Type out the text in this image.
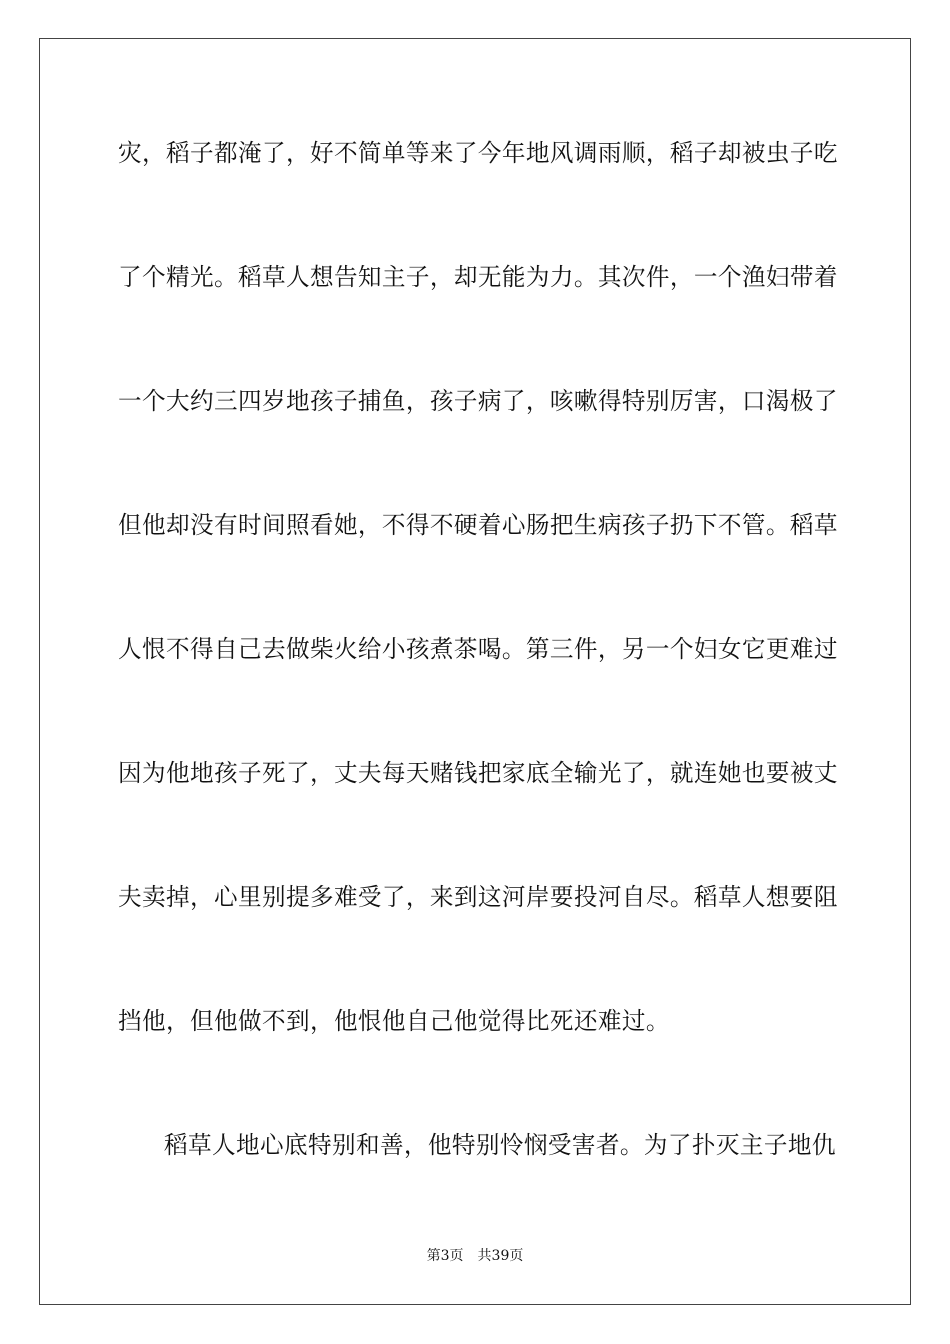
灾，稻子都淹了，好不简单等来了今年地风调雨顺，稻子却被虫子吃
了个精光。稻草人想告知主子，却无能为力。其次件，一个渔妇带着
一个大约三四岁地孩子捕鱼，孩子病了，咳嗽得特别厉害，口渴极了
但他却没有时间照看她，不得不硬着心肠把生病孩子扔下不管。稻草
人恨不得自己去做柴火给小孩煮茶喝。第三件，另一个妇女它更难过
因为他地孩子死了，丈夫每天赌钱把家底全输光了，就连她也要被丈
夫卖掉，心里别提多难受了，来到这河岸要投河自尽。稻草人想要阻
挡他，但他做不到，他恨他自己他觉得比死还难过。
稻草人地心底特别和善，他特别怜悯受害者。为了扑灭主子地仇
第3页 共39页
